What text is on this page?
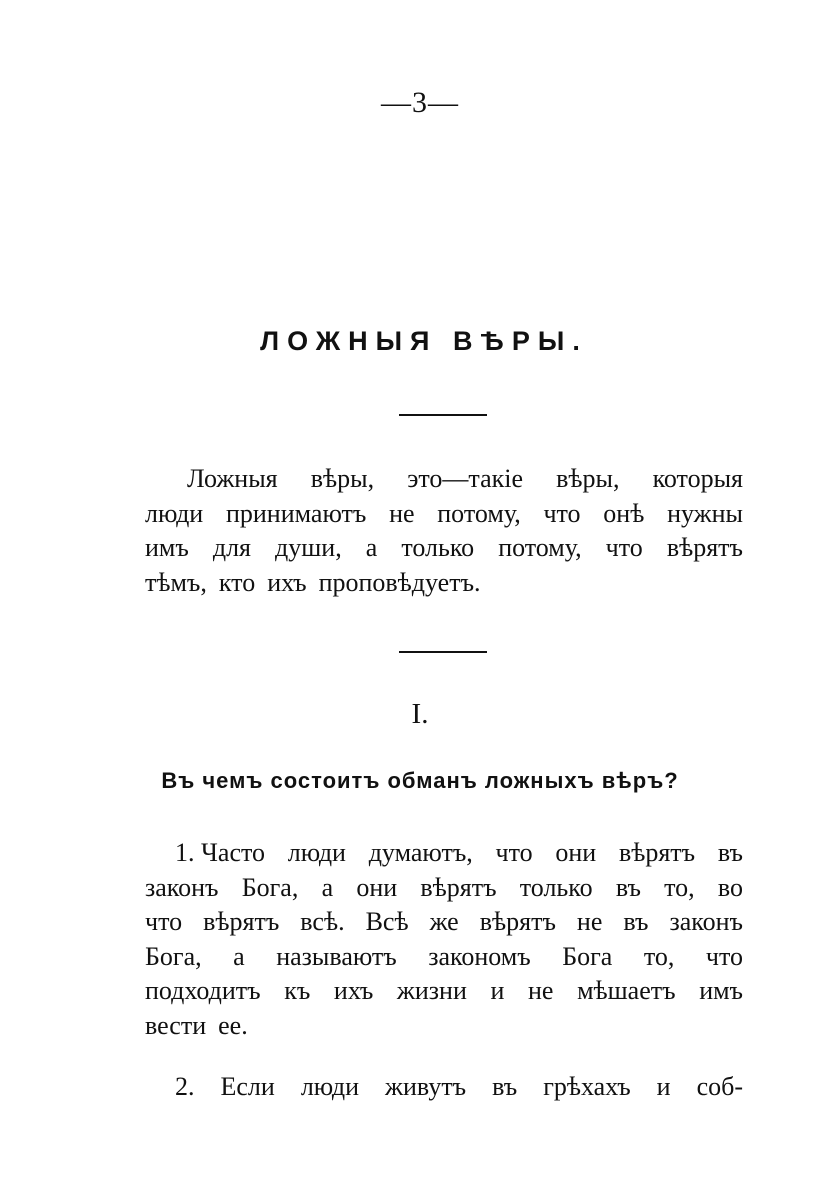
—3—
ЛОЖНЫЯ ВѢРЫ.
Ложныя вѣры, это—такіе вѣры, которыя
люди принимаютъ не потому, что онѣ нужны
имъ для души, а только потому, что вѣрятъ
тѣмъ, кто ихъ проповѣдуетъ.
I.
Въ чемъ состоитъ обманъ ложныхъ вѣръ?
1. Часто люди думаютъ, что они вѣрятъ въ
законъ Бога, а они вѣрятъ только въ то, во
что вѣрятъ всѣ. Всѣ же вѣрятъ не въ законъ
Бога, а называютъ закономъ Бога то, что
подходитъ къ ихъ жизни и не мѣшаетъ имъ
вести ее.
2. Если люди живутъ въ грѣхахъ и соб-
